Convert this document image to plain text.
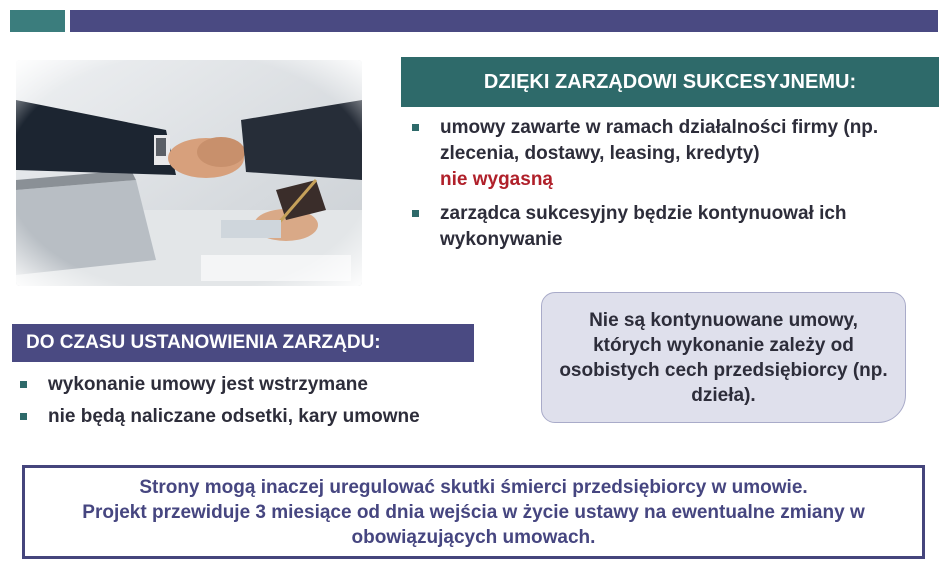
DZIĘKI ZARZĄDOWI SUKCESYJNEMU:
umowy zawarte w ramach działalności firmy (np. zlecenia, dostawy, leasing, kredyty)
nie wygasną
zarządca sukcesyjny będzie kontynuował ich wykonywanie
DO CZASU USTANOWIENIA ZARZĄDU:
wykonanie umowy jest wstrzymane
nie będą naliczane odsetki, kary umowne
Nie są kontynuowane umowy, których wykonanie zależy od osobistych cech przedsiębiorcy (np. dzieła).
Strony mogą inaczej uregulować skutki śmierci przedsiębiorcy w umowie.
Projekt przewiduje 3 miesiące od dnia wejścia w życie ustawy na ewentualne zmiany w obowiązujących umowach.
